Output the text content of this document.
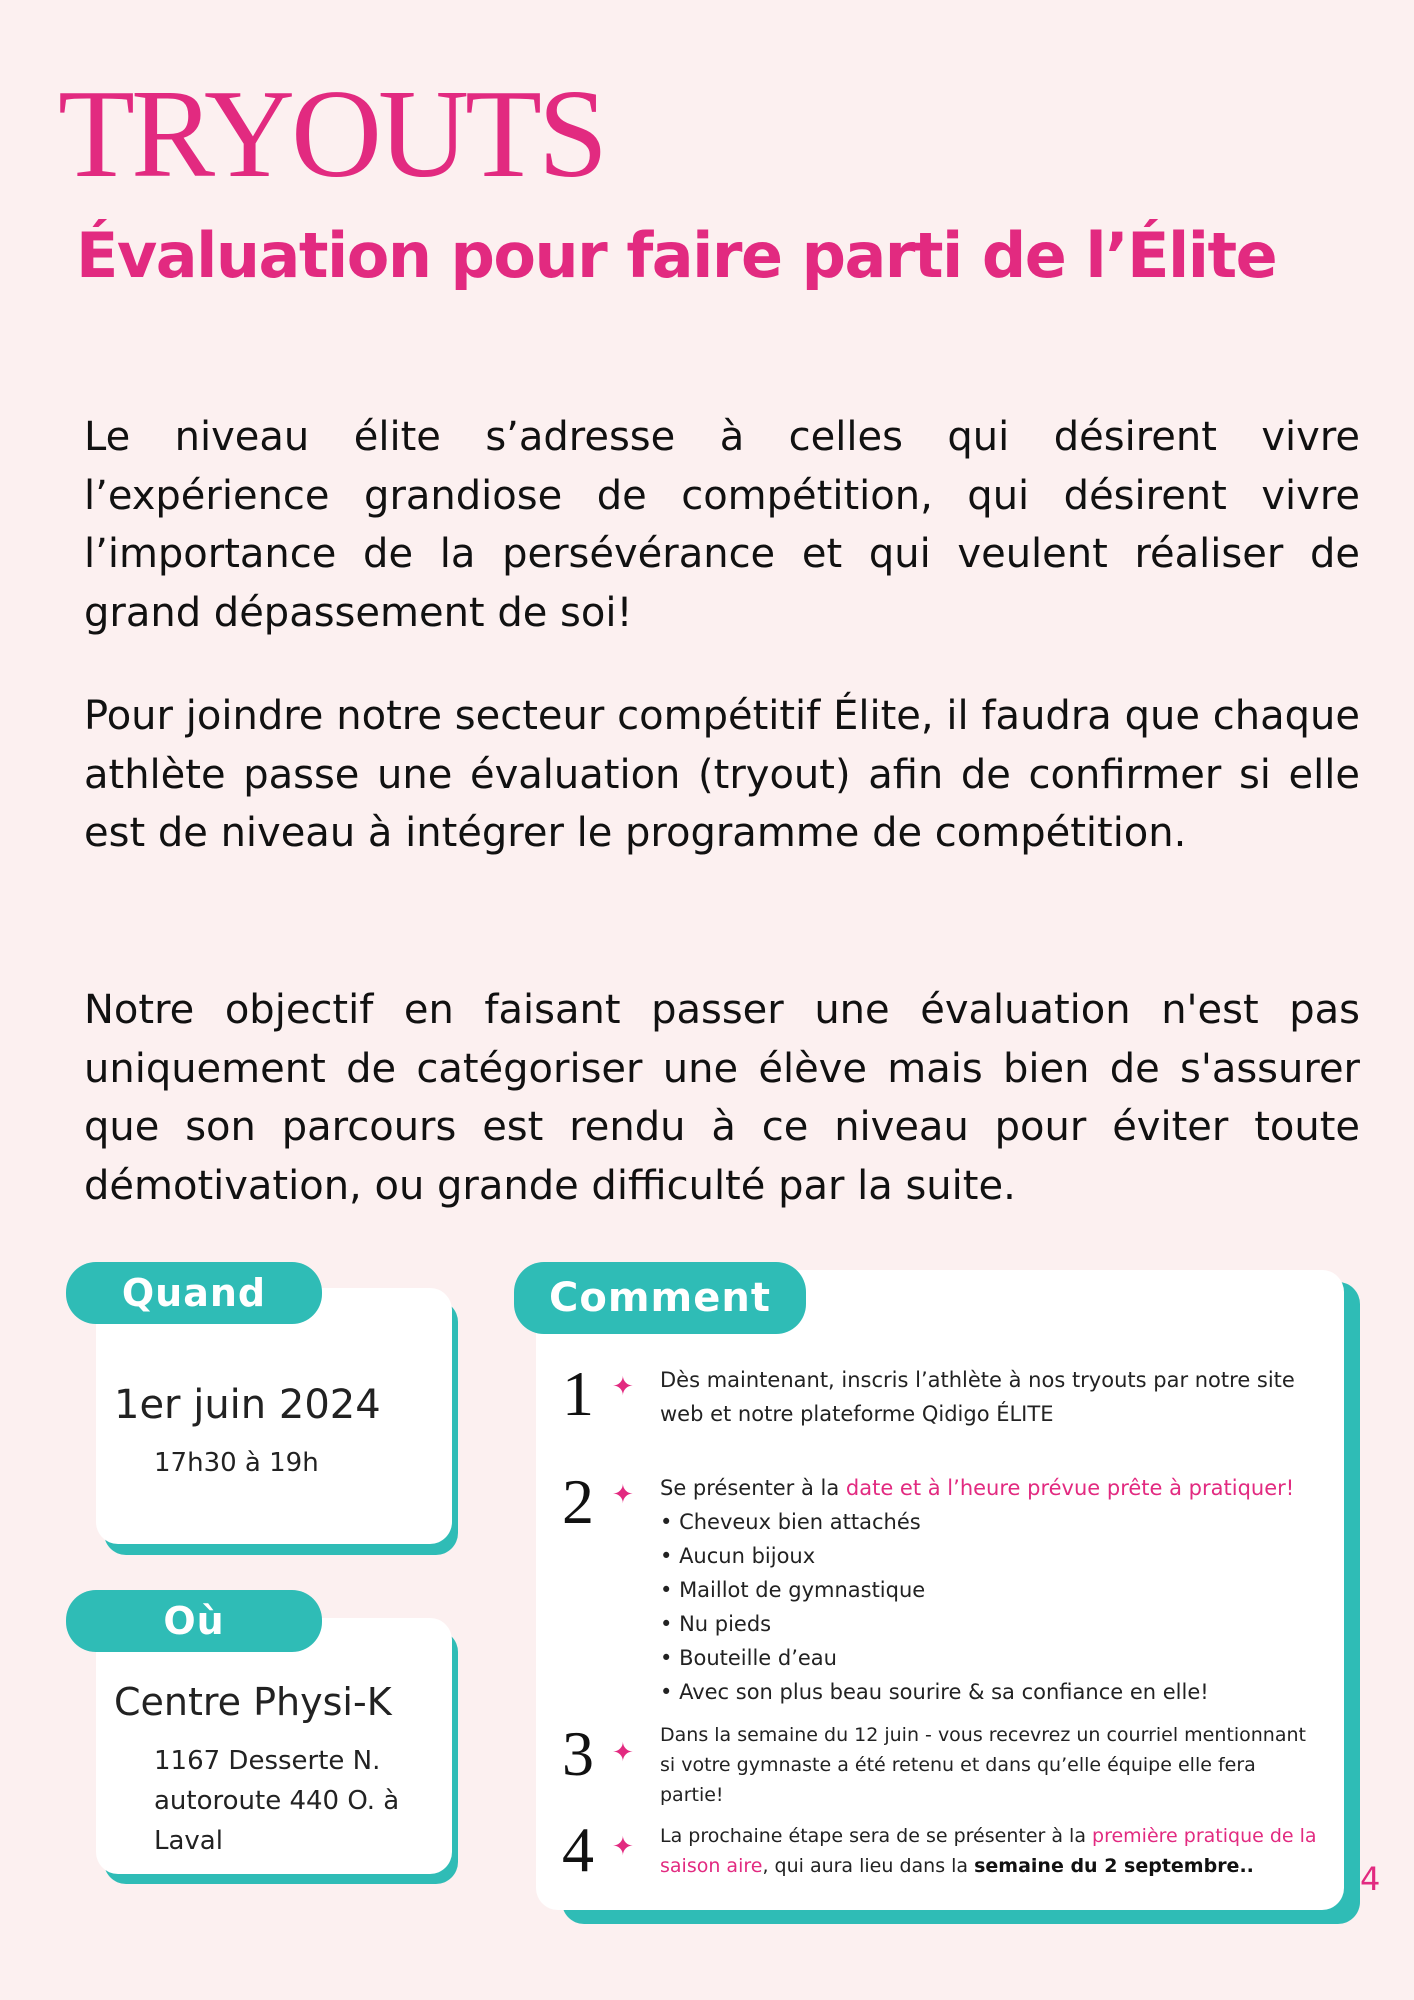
TRYOUTS
Évaluation pour faire parti de l’Élite
Le niveau élite s’adresse à celles qui désirent vivre l’expérience grandiose de compétition, qui désirent vivre l’importance de la persévérance et qui veulent réaliser de grand dépassement de soi!
Pour joindre notre secteur compétitif Élite, il faudra que chaque athlète passe une évaluation (tryout) afin de confirmer si elle est de niveau à intégrer le programme de compétition.
Notre objectif en faisant passer une évaluation n'est pas uniquement de catégoriser une élève mais bien de s'assurer que son parcours est rendu à ce niveau pour éviter toute démotivation, ou grande difficulté par la suite.
Quand
1er juin 2024
17h30 à 19h
Où
Centre Physi-K
1167 Desserte N.
autoroute 440 O. à
Laval
Comment
1 ✦ Dès maintenant, inscris l’athlète à nos tryouts par notre site web et notre plateforme Qidigo ÉLITE
2 ✦ Se présenter à la date et à l’heure prévue prête à pratiquer!
• Cheveux bien attachés
• Aucun bijoux
• Maillot de gymnastique
• Nu pieds
• Bouteille d’eau
• Avec son plus beau sourire & sa confiance en elle!
3 ✦
Dans la semaine du 12 juin - vous recevrez un courriel mentionnant si votre gymnaste a été retenu et dans qu’elle équipe elle fera partie!
4 ✦ La prochaine étape sera de se présenter à la première pratique de la saison aire, qui aura lieu dans la semaine du 2 septembre..	4
